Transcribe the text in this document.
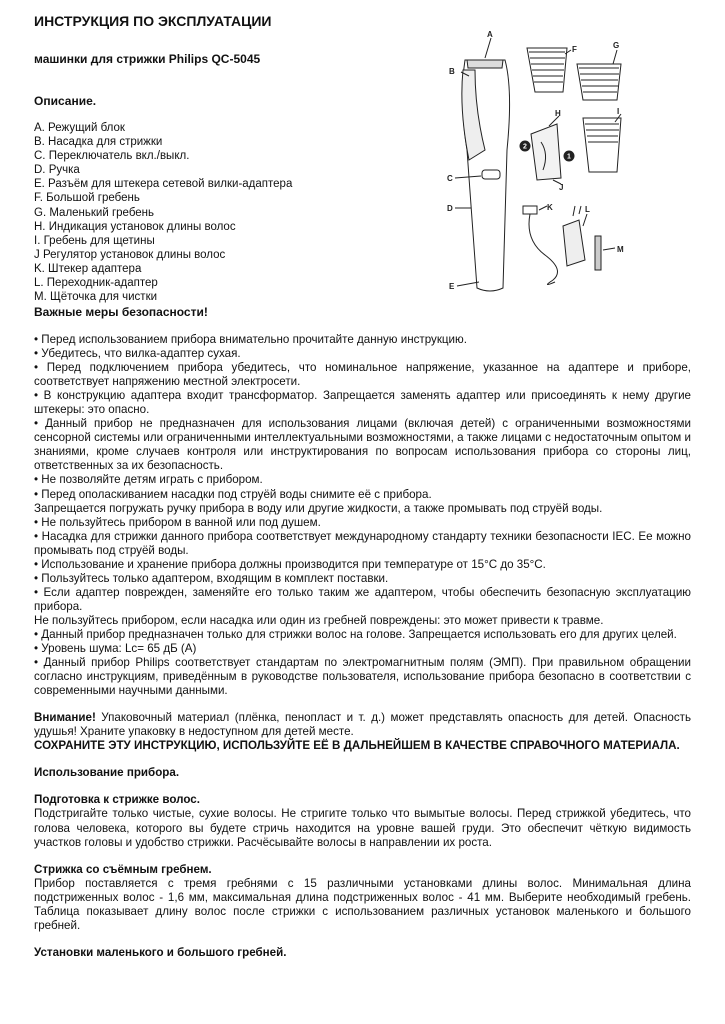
ИНСТРУКЦИЯ ПО ЭКСПЛУАТАЦИИ
машинки для стрижки Philips QC-5045
Описание.
A. Режущий блок
B. Насадка для стрижки
C. Переключатель вкл./выкл.
D. Ручка
E. Разъём для штекера сетевой вилки-адаптера
F. Большой гребень
G. Маленький гребень
H. Индикация установок длины волос
I. Гребень для щетины
J Регулятор установок длины волос
K. Штекер адаптера
L. Переходник-адаптер
M. Щёточка для чистки
Важные меры безопасности!

• Перед использованием прибора внимательно прочитайте данную инструкцию.

• Убедитесь, что вилка-адаптер сухая.

• Перед подключением прибора убедитесь, что номинальное напряжение, указанное на адаптере и приборе, соответствует напряжению местной электросети.

• В конструкцию адаптера входит трансформатор. Запрещается заменять адаптер или присоединять к нему другие штекеры: это опасно.

• Данный прибор не предназначен для использования лицами (включая детей) с ограниченными возможностями сенсорной системы или ограниченными интеллектуальными возможностями, а также лицами с недостаточным опытом и знаниями, кроме случаев контроля или инструктирования по вопросам использования прибора со стороны лиц, ответственных за их безопасность.

• Не позволяйте детям играть с прибором.

• Перед ополаскиванием насадки под струёй воды снимите её с прибора.

Запрещается погружать ручку прибора в воду или другие жидкости, а также промывать под струёй воды.

• Не пользуйтесь прибором в ванной или под душем.

• Насадка для стрижки данного прибора соответствует международному стандарту техники безопасности IEC. Ее можно промывать под струёй воды.

• Использование и хранение прибора должны производится при температуре от 15°С до 35°С.

• Пользуйтесь только адаптером, входящим в комплект поставки.

• Если адаптер поврежден, заменяйте его только таким же адаптером, чтобы обеспечить безопасную эксплуатацию прибора.

Не пользуйтесь прибором, если насадка или один из гребней повреждены: это может привести к травме.

• Данный прибор предназначен только для стрижки волос на голове. Запрещается использовать его для других целей.

• Уровень шума: Lc= 65 дБ (А)

• Данный прибор Philips соответствует стандартам по электромагнитным полям (ЭМП). При правильном обращении согласно инструкциям, приведённым в руководстве пользователя, использование прибора безопасно в соответствии с современными научными данными.

Внимание! Упаковочный материал (плёнка, пенопласт и т. д.) может представлять опасность для детей. Опасность удушья! Храните упаковку в недоступном для детей месте.

СОХРАНИТЕ ЭТУ ИНСТРУКЦИЮ, ИСПОЛЬЗУЙТЕ ЕЁ В ДАЛЬНЕЙШЕМ В КАЧЕСТВЕ СПРАВОЧНОГО МАТЕРИАЛА.

Использование прибора.

Подготовка к стрижке волос.

Подстригайте только чистые, сухие волосы. Не стригите только что вымытые волосы. Перед стрижкой убедитесь, что голова человека, которого вы будете стричь находится на уровне вашей груди. Это обеспечит чёткую видимость участков головы и удобство стрижки. Расчёсывайте волосы в направлении их роста.

Стрижка со съёмным гребнем.

Прибор поставляется с тремя гребнями с 15 различными установками длины волос. Минимальная длина подстриженных волос - 1,6 мм, максимальная длина подстриженных волос - 41 мм. Выберите необходимый гребень. Таблица показывает длину волос после стрижки с использованием различных установок маленького и большого гребней.

Установки маленького и большого гребней.

A
B
C
D
E
F	G
H	I
J
K	L
M
1
2
